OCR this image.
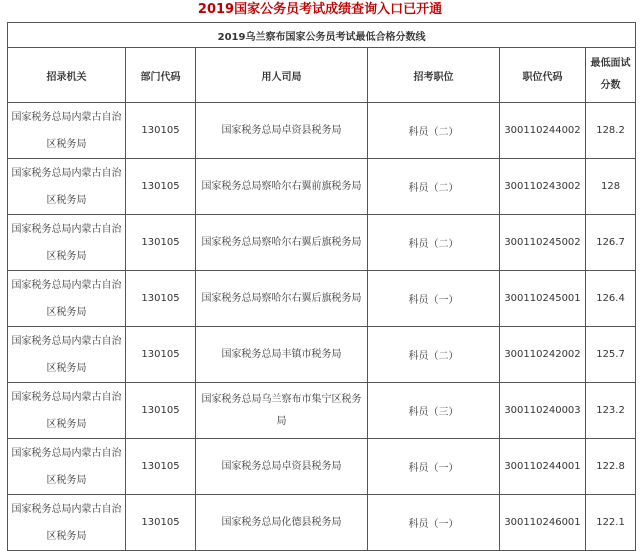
2019国家公务员考试成绩查询入口已开通
2019乌兰察布国家公务员考试最低合格分数线					
招录机关	部门代码	用人司局	招考职位	职位代码	最低面试
分数

国家税务总局内蒙古自治区税务局	130105	国家税务总局卓资县税务局	科员（二）	300110244002	128.2

国家税务总局内蒙古自治区税务局	130105	国家税务总局察哈尔右翼前旗税务局	科员（二）	300110243002	128

国家税务总局内蒙古自治区税务局	130105	国家税务总局察哈尔右翼后旗税务局	科员（二）	300110245002	126.7

国家税务总局内蒙古自治区税务局	130105	国家税务总局察哈尔右翼后旗税务局	科员（一）	300110245001	126.4

国家税务总局内蒙古自治区税务局	130105	国家税务总局丰镇市税务局	科员（二）	300110242002	125.7

国家税务总局内蒙古自治区税务局	130105	国家税务总局乌兰察布市集宁区税务局	科员（三）	300110240003	123.2

国家税务总局内蒙古自治区税务局	130105	国家税务总局卓资县税务局	科员（一）	300110244001	122.8

国家税务总局内蒙古自治区税务局	130105	国家税务总局化德县税务局	科员（一）	300110246001	122.1
